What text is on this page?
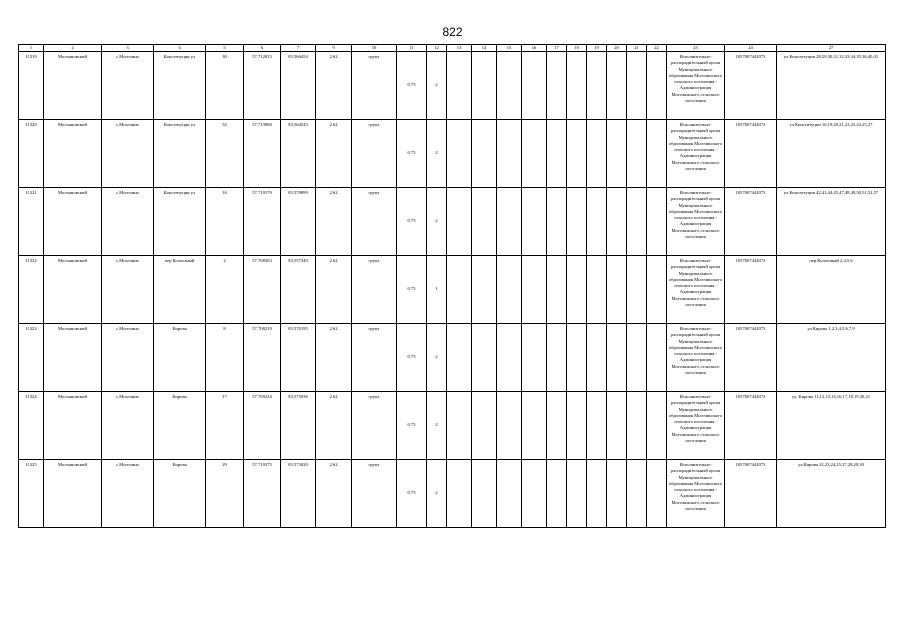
822
1	2	3	4	5	6	7	9	10	11	12	13	14	15	16	17	18	19	20	21	22	23	24	27
11319	Молчановский	с.Могочино	Конституции ул	30	57.712013	83.566454	2.62	грунт	0.75	2											Исполнительно-распорядительный орган Муниципального образования Могочинского сельского поселения - Администрация Могочинского сельского поселения	1057007442073	ул.Конституции 28,29,30,31,32,33,34,35,36,40,41
11320	Молчановский	с.Могочино	Конституции ул	52	57.713968	83.564543	2.62	грунт	0.75	2											Исполнительно-распорядительный орган Муниципального образования Могочинского сельского поселения - Администрация Могочинского сельского поселения	1057007442073	ул.Конституции 16,19,20,21,22,23,24,25,27
11321	Молчановский	с.Могочино	Конституции ул	16	57.710179	83.570899	2.62	грунт	0.75	2											Исполнительно-распорядительный орган Муниципального образования Могочинского сельского поселения - Администрация Могочинского сельского поселения	1057007442073	ул.Конституции 42,43,44,45,47,48,49,50,51,52,57
11322	Молчановский	с.Могочино	пер Колхозный	2	57.708303	83.557349	2.62	грунт	0.75	1											Исполнительно-распорядительный орган Муниципального образования Могочинского сельского поселения - Администрация Могочинского сельского поселения	1057007442073	пер.Колхозный 2,4,5,6
11323	Молчановский	с.Могочино	Кирова	8	57.708219	83.570195	2.62	грунт	0.75	2											Исполнительно-распорядительный орган Муниципального образования Могочинского сельского поселения - Администрация Могочинского сельского поселения	1057007442073	ул.Кирова 1,2,3,4,5,6,7,9
11324	Молчановский	с.Могочино	Кирова	17	57.709234	83.575036	2.62	грунт	0.75	2											Исполнительно-распорядительный орган Муниципального образования Могочинского сельского поселения - Администрация Могочинского сельского поселения	1057007442073	ул. Кирова 11,12,13,14,16,17,18,19,20,21
11325	Молчановский	с.Могочино	Кирова	29	57.710375	83.573020	2.62	грунт	0.75	2											Исполнительно-распорядительный орган Муниципального образования Могочинского сельского поселения - Администрация Могочинского сельского поселения	1057007442073	ул.Кирова 22,23,24,25,27,28,29,30
